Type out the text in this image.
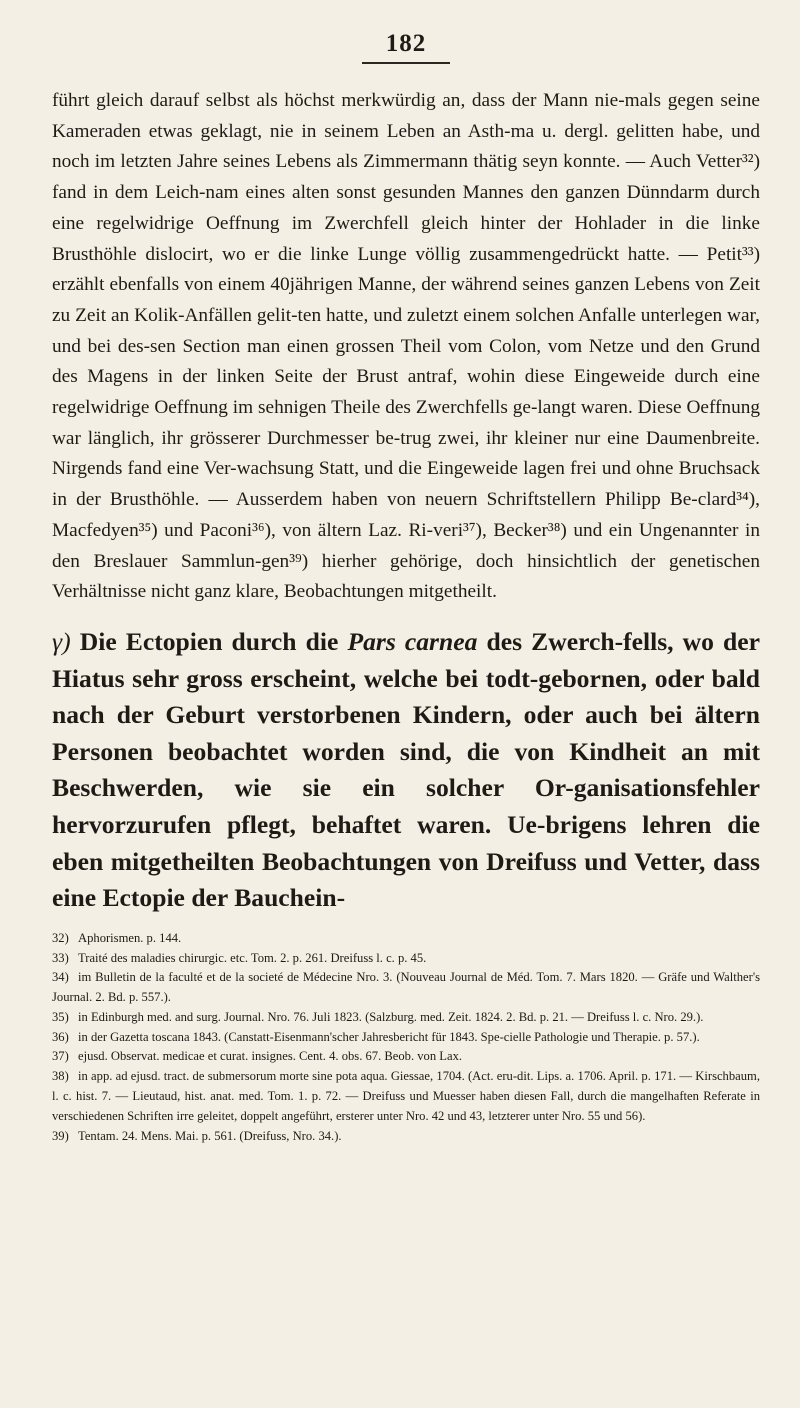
182

führt gleich darauf selbst als höchst merkwürdig an, dass der Mann nie-mals gegen seine Kameraden etwas geklagt, nie in seinem Leben an Asth-ma u. dergl. gelitten habe, und noch im letzten Jahre seines Lebens als Zimmermann thätig seyn konnte. — Auch Vetter³²) fand in dem Leich-nam eines alten sonst gesunden Mannes den ganzen Dünndarm durch eine regelwidrige Oeffnung im Zwerchfell gleich hinter der Hohlader in die linke Brusthöhle dislocirt, wo er die linke Lunge völlig zusammengedrückt hatte. — Petit³³) erzählt ebenfalls von einem 40jährigen Manne, der während seines ganzen Lebens von Zeit zu Zeit an Kolik-Anfällen gelit-ten hatte, und zuletzt einem solchen Anfalle unterlegen war, und bei des-sen Section man einen grossen Theil vom Colon, vom Netze und den Grund des Magens in der linken Seite der Brust antraf, wohin diese Eingeweide durch eine regelwidrige Oeffnung im sehnigen Theile des Zwerchfells ge-langt waren. Diese Oeffnung war länglich, ihr grösserer Durchmesser be-trug zwei, ihr kleiner nur eine Daumenbreite. Nirgends fand eine Ver-wachsung Statt, und die Eingeweide lagen frei und ohne Bruchsack in der Brusthöhle. — Ausserdem haben von neuern Schriftstellern Philipp Be-clard³⁴), Macfedyen³⁵) und Paconi³⁶), von ältern Laz. Ri-veri³⁷), Becker³⁸) und ein Ungenannter in den Breslauer Sammlun-gen³⁹) hierher gehörige, doch hinsichtlich der genetischen Verhältnisse nicht ganz klare, Beobachtungen mitgetheilt.

γ) Die Ectopien durch die Pars carnea des Zwerch-fells, wo der Hiatus sehr gross erscheint, welche bei todt-gebornen, oder bald nach der Geburt verstorbenen Kindern, oder auch bei ältern Personen beobachtet worden sind, die von Kindheit an mit Beschwerden, wie sie ein solcher Or-ganisationsfehler hervorzurufen pflegt, behaftet waren. Ue-brigens lehren die eben mitgetheilten Beobachtungen von Dreifuss und Vetter, dass eine Ectopie der Bauchein-

32) Aphorismen. p. 144.

33) Traité des maladies chirurgic. etc. Tom. 2. p. 261. Dreifuss l. c. p. 45.

34) im Bulletin de la faculté et de la societé de Médecine Nro. 3. (Nouveau Journal de Méd. Tom. 7. Mars 1820. — Gräfe und Walther's Journal. 2. Bd. p. 557.).

35) in Edinburgh med. and surg. Journal. Nro. 76. Juli 1823. (Salzburg. med. Zeit. 1824. 2. Bd. p. 21. — Dreifuss l. c. Nro. 29.).

36) in der Gazetta toscana 1843. (Canstatt-Eisenmann'scher Jahresbericht für 1843. Spe-cielle Pathologie und Therapie. p. 57.).

37) ejusd. Observat. medicae et curat. insignes. Cent. 4. obs. 67. Beob. von Lax.

38) in app. ad ejusd. tract. de submersorum morte sine pota aqua. Giessae, 1704. (Act. eru-dit. Lips. a. 1706. April. p. 171. — Kirschbaum, l. c. hist. 7. — Lieutaud, hist. anat. med. Tom. 1. p. 72. — Dreifuss und Muesser haben diesen Fall, durch die mangelhaften Referate in verschiedenen Schriften irre geleitet, doppelt angeführt, ersterer unter Nro. 42 und 43, letzterer unter Nro. 55 und 56).

39) Tentam. 24. Mens. Mai. p. 561. (Dreifuss, Nro. 34.).
